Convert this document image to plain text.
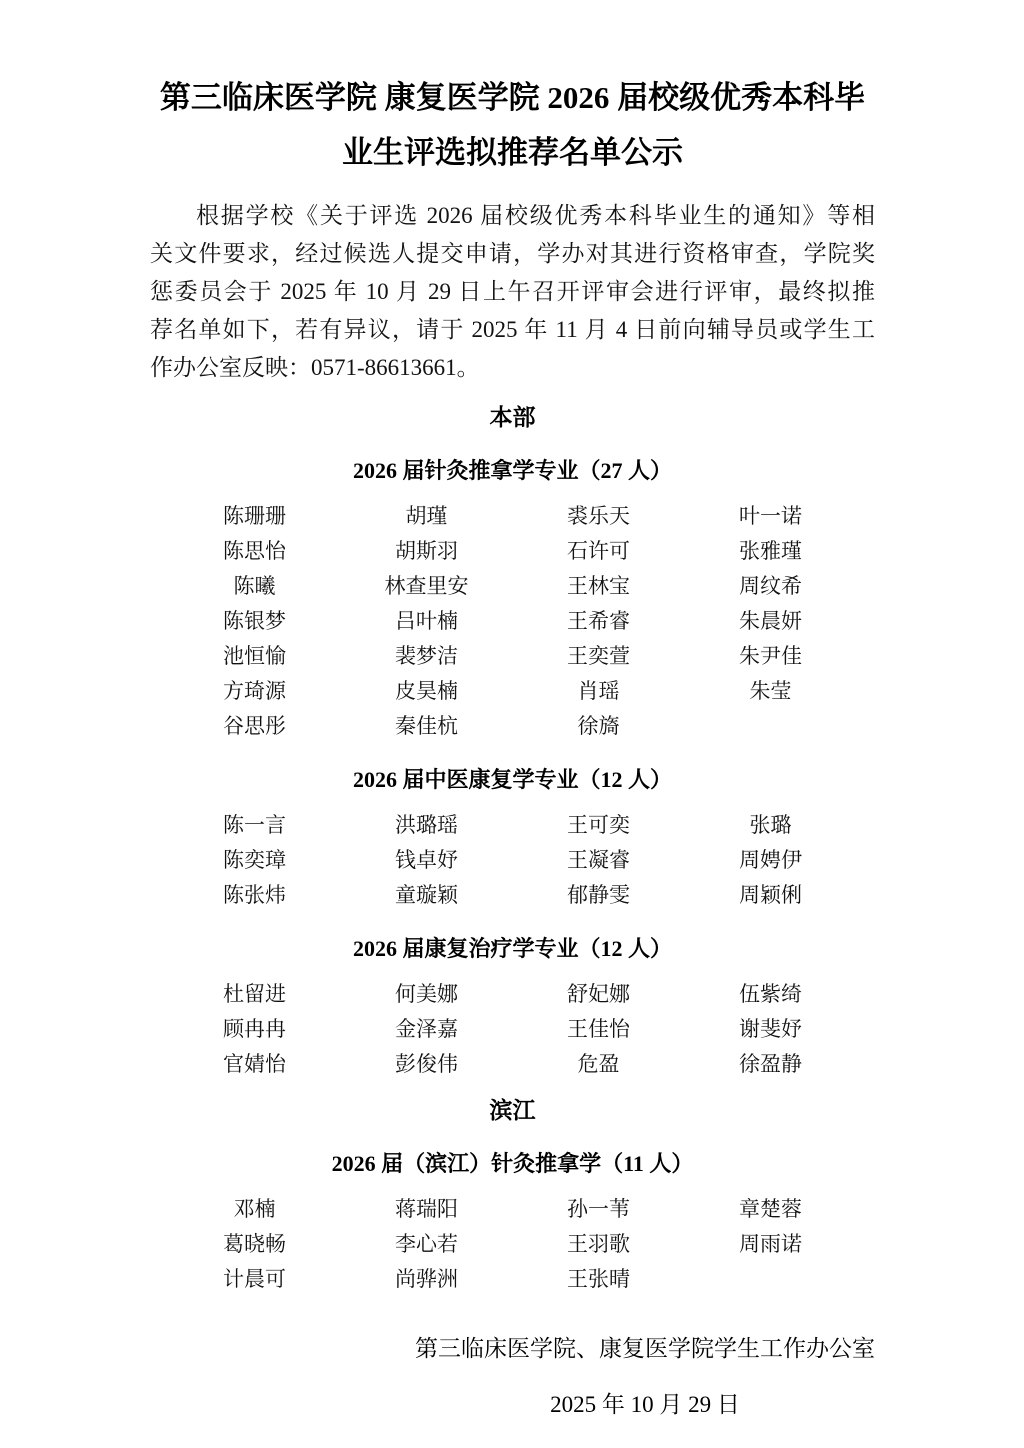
第三临床医学院 康复医学院 2026 届校级优秀本科毕
业生评选拟推荐名单公示
根据学校《关于评选 2026 届校级优秀本科毕业生的通知》等相
关文件要求，经过候选人提交申请，学办对其进行资格审查，学院奖
惩委员会于 2025 年 10 月 29 日上午召开评审会进行评审，最终拟推
荐名单如下，若有异议，请于 2025 年 11 月 4 日前向辅导员或学生工
作办公室反映：0571-86613661。
本部
2026 届针灸推拿学专业（27 人）
陈珊珊	胡瑾	裘乐天	叶一诺
陈思怡	胡斯羽	石许可	张雅瑾
陈曦	林查里安	王林宝	周纹希
陈银梦	吕叶楠	王希睿	朱晨妍
池恒愉	裴梦洁	王奕萱	朱尹佳
方琦源	皮昊楠	肖瑶	朱莹
谷思彤	秦佳杭	徐旖
2026 届中医康复学专业（12 人）
陈一言	洪璐瑶	王可奕	张璐
陈奕璋	钱卓妤	王凝睿	周娉伊
陈张炜	童璇颖	郁静雯	周颖俐
2026 届康复治疗学专业（12 人）
杜留进	何美娜	舒妃娜	伍紫绮
顾冉冉	金泽嘉	王佳怡	谢斐妤
官婧怡	彭俊伟	危盈	徐盈静
滨江
2026 届（滨江）针灸推拿学（11 人）
邓楠	蒋瑞阳	孙一苇	章楚蓉
葛晓畅	李心若	王羽歌	周雨诺
计晨可	尚骅洲	王张晴
第三临床医学院、康复医学院学生工作办公室
2025 年 10 月 29 日
